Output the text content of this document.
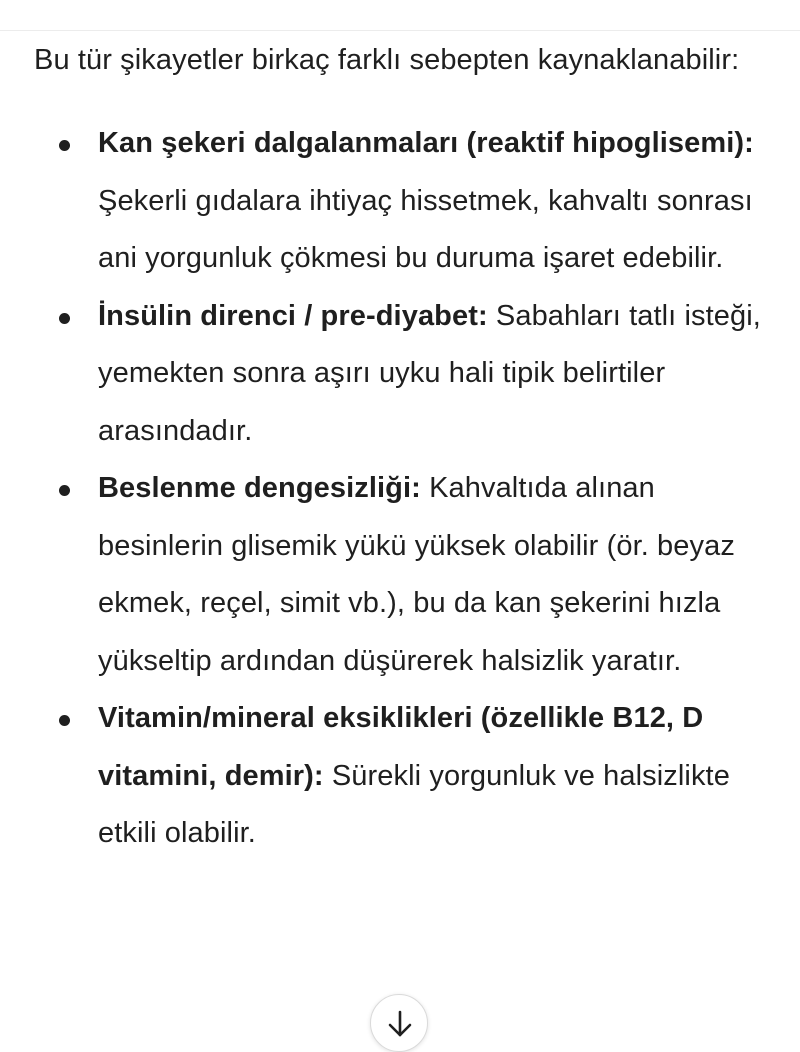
Bu tür şikayetler birkaç farklı sebepten kaynaklanabilir:

Kan şekeri dalgalanmaları (reaktif hipoglisemi): Şekerli gıdalara ihtiyaç hissetmek, kahvaltı sonrası ani yorgunluk çökmesi bu duruma işaret edebilir.
İnsülin direnci / pre-diyabet: Sabahları tatlı isteği, yemekten sonra aşırı uyku hali tipik belirtiler arasındadır.
Beslenme dengesizliği: Kahvaltıda alınan besinlerin glisemik yükü yüksek olabilir (ör. beyaz ekmek, reçel, simit vb.), bu da kan şekerini hızla yükseltip ardından düşürerek halsizlik yaratır.
Vitamin/mineral eksiklikleri (özellikle B12, D vitamini, demir): Sürekli yorgunluk ve halsizlikte etkili olabilir.
